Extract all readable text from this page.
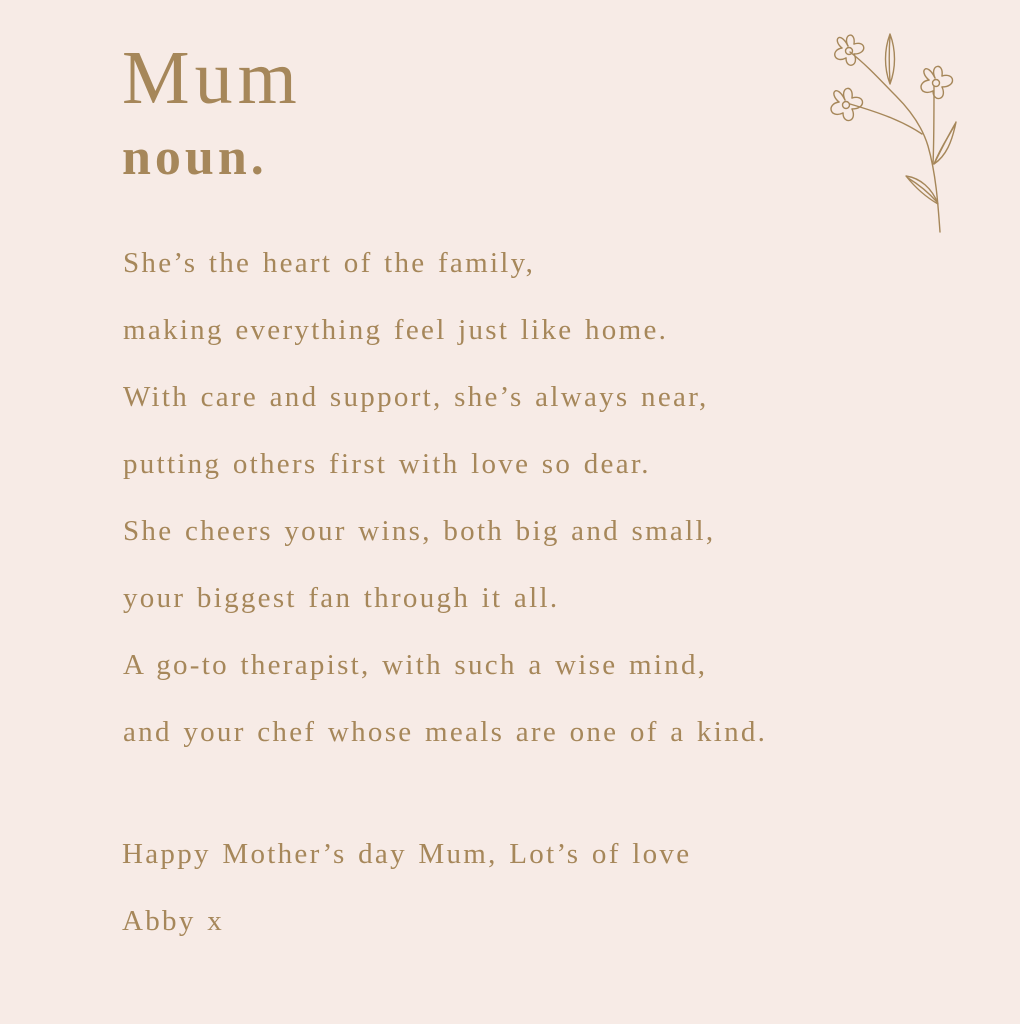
Mum
noun.
She’s the heart of the family,
making everything feel just like home.
With care and support, she’s always near,
putting others first with love so dear.
She cheers your wins, both big and small,
your biggest fan through it all.
A go-to therapist, with such a wise mind,
and your chef whose meals are one of a kind.
Happy Mother’s day Mum, Lot’s of love
Abby x
